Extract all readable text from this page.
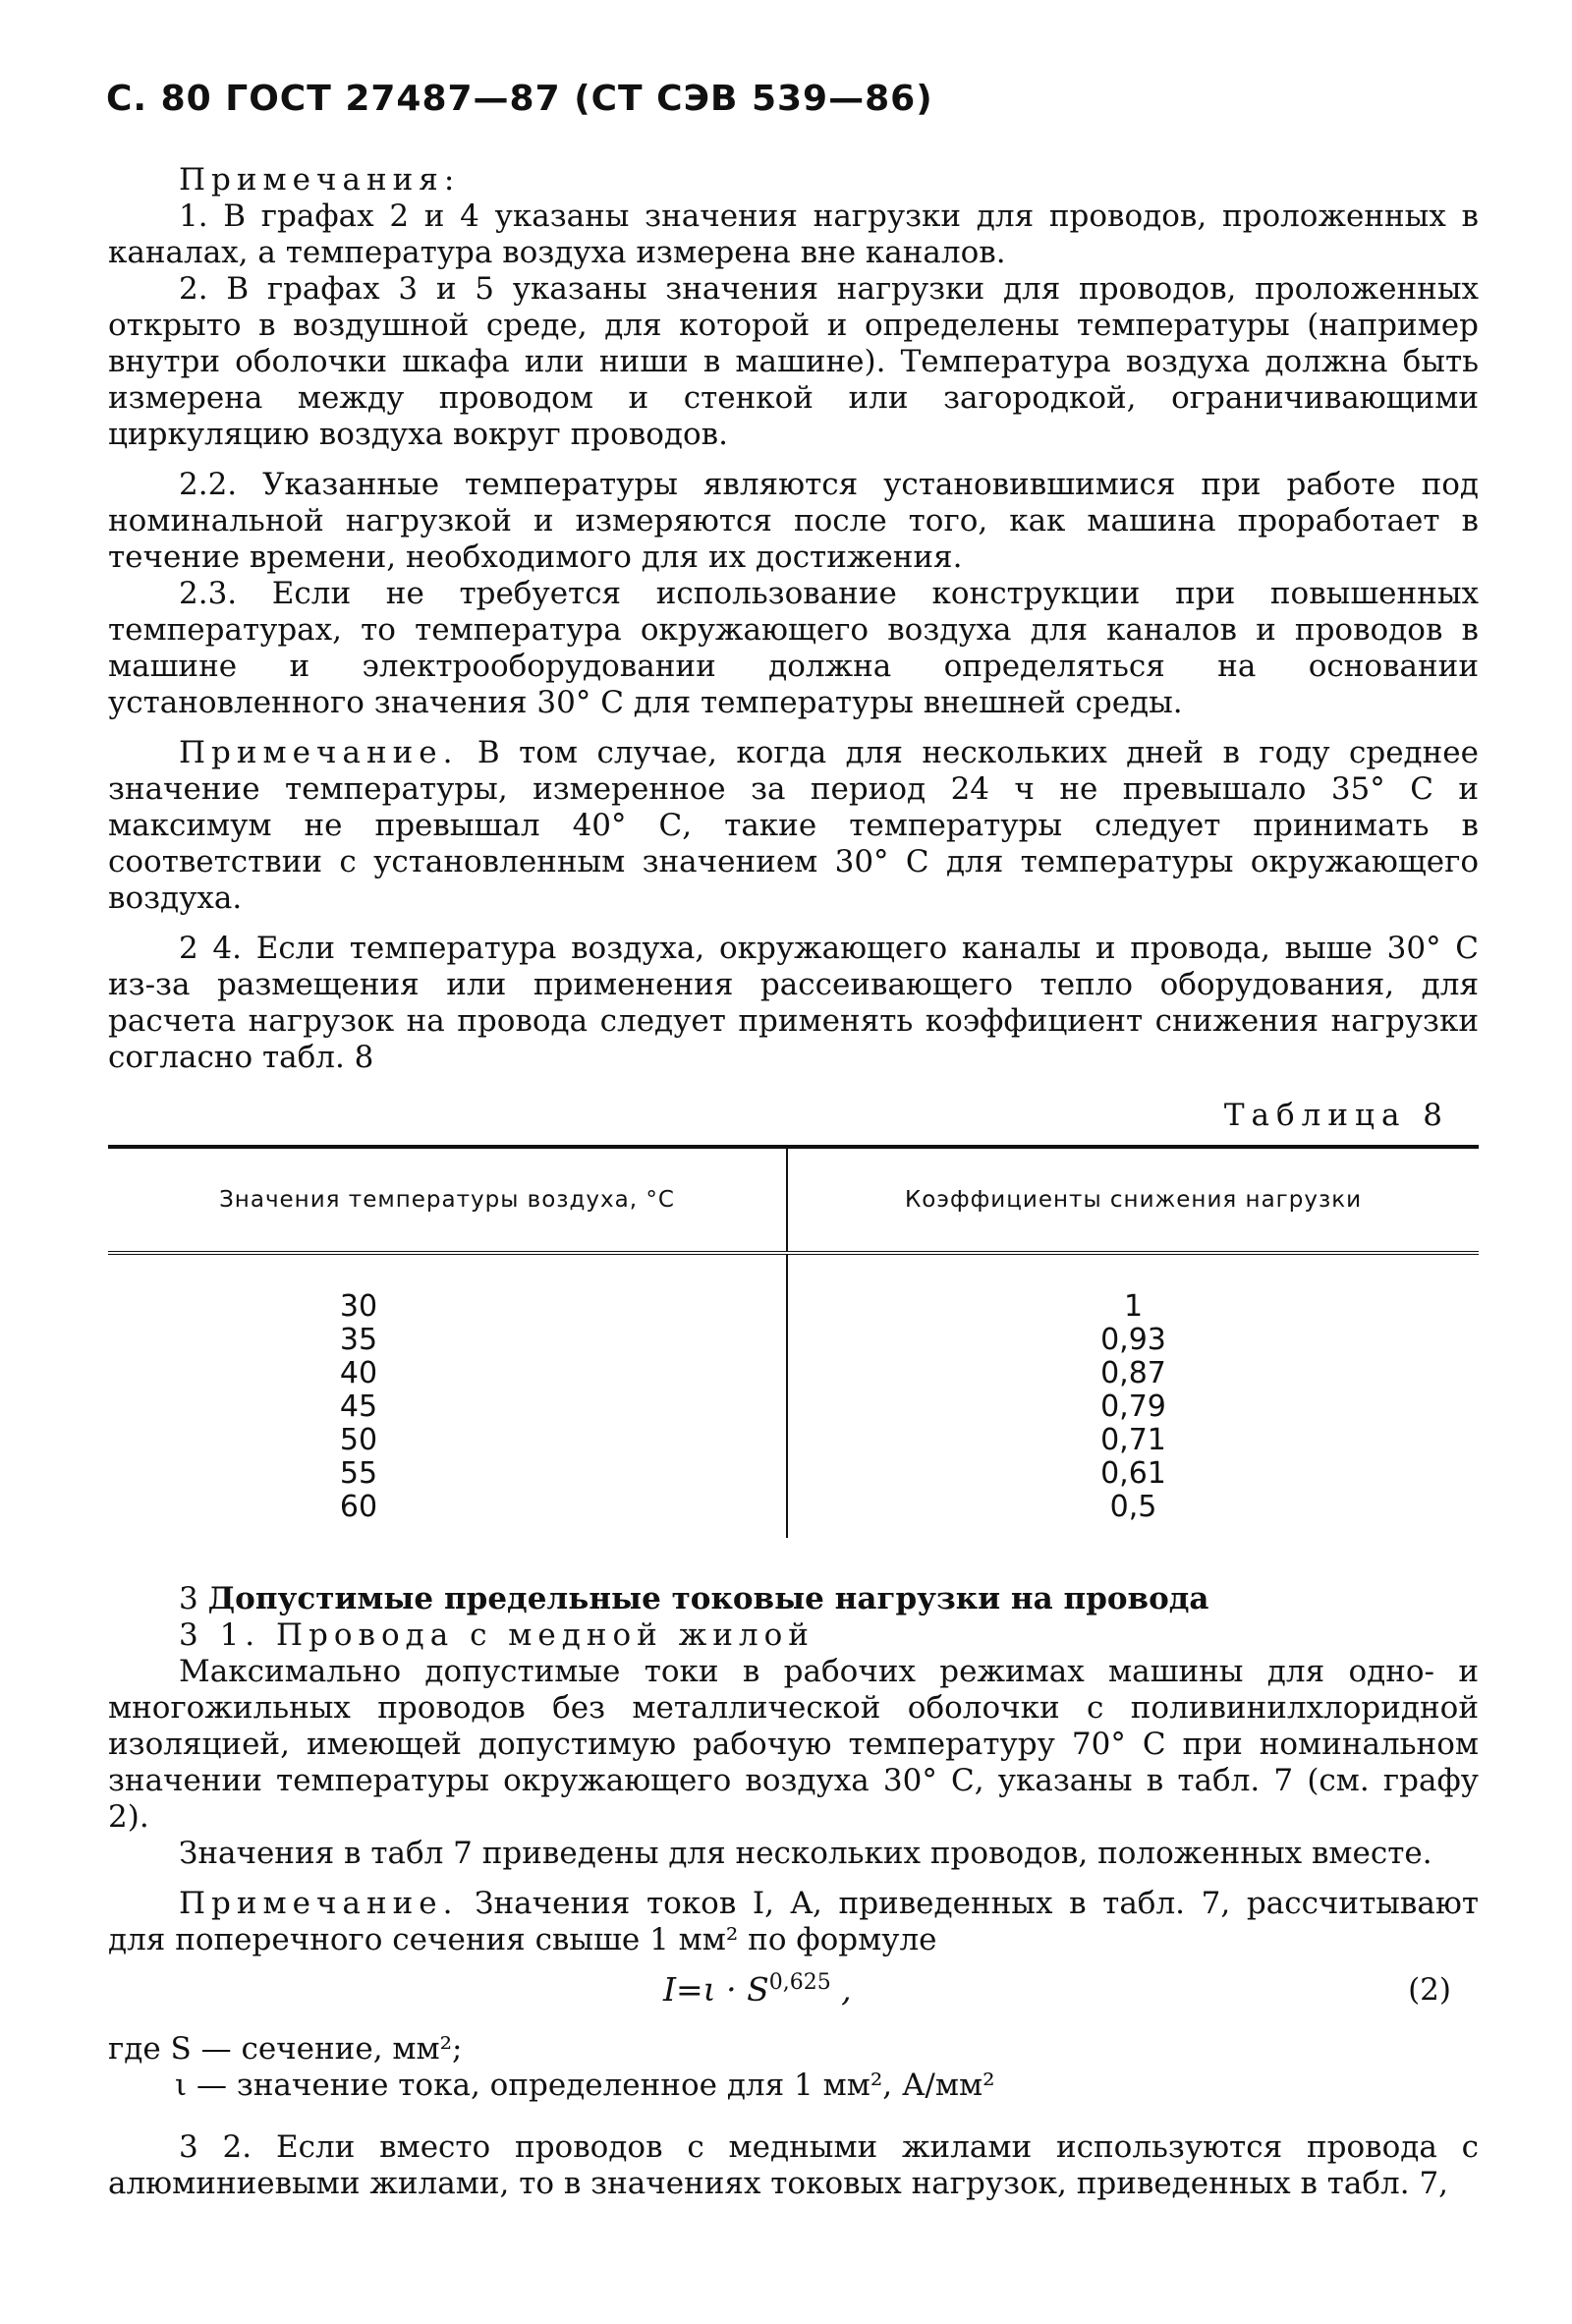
С. 80 ГОСТ 27487—87 (СТ СЭВ 539—86)

Примечания:

1. В графах 2 и 4 указаны значения нагрузки для проводов, проложенных в каналах, а температура воздуха измерена вне каналов.

2. В графах 3 и 5 указаны значения нагрузки для проводов, проложенных открыто в воздушной среде, для которой и определены температуры (например внутри оболочки шкафа или ниши в машине). Температура воздуха должна быть измерена между проводом и стенкой или загородкой, ограничивающими циркуляцию воздуха вокруг проводов.

2.2. Указанные температуры являются установившимися при работе под номинальной нагрузкой и измеряются после того, как машина проработает в течение времени, необходимого для их достижения.

2.3. Если не требуется использование конструкции при повышенных температурах, то температура окружающего воздуха для каналов и проводов в машине и электрооборудовании должна определяться на основании установленного значения 30° С для температуры внешней среды.

Примечание. В том случае, когда для нескольких дней в году среднее значение температуры, измеренное за период 24 ч не превышало 35° С и максимум не превышал 40° С, такие температуры следует принимать в соответствии с установленным значением 30° С для температуры окружающего воздуха.

2 4. Если температура воздуха, окружающего каналы и провода, выше 30° С из-за размещения или применения рассеивающего тепло оборудования, для расчета нагрузок на провода следует применять коэффициент снижения нагрузки согласно табл. 8

Таблица 8
Значения температуры воздуха, °С	Коэффициенты снижения нагрузки
30	1
35	0,93
40	0,87
45	0,79
50	0,71
55	0,61
60	0,5

3 Допустимые предельные токовые нагрузки на провода

3 1. Провода с медной жилой

Максимально допустимые токи в рабочих режимах машины для одно- и многожильных проводов без металлической оболочки с поливинилхлоридной изоляцией, имеющей допустимую рабочую температуру 70° С при номинальном значении температуры окружающего воздуха 30° С, указаны в табл. 7 (см. графу 2).

Значения в табл 7 приведены для нескольких проводов, положенных вместе.

Примечание. Значения токов I, A, приведенных в табл. 7, рассчитывают для поперечного сечения свыше 1 мм² по формуле

I=ι · S$^{0,625}$ ,	(2)
где S — сечение, мм²;
ι — значение тока, определенное для 1 мм², А/мм²

3 2. Если вместо проводов с медными жилами используются провода с алюминиевыми жилами, то в значениях токовых нагрузок, приведенных в табл. 7,
